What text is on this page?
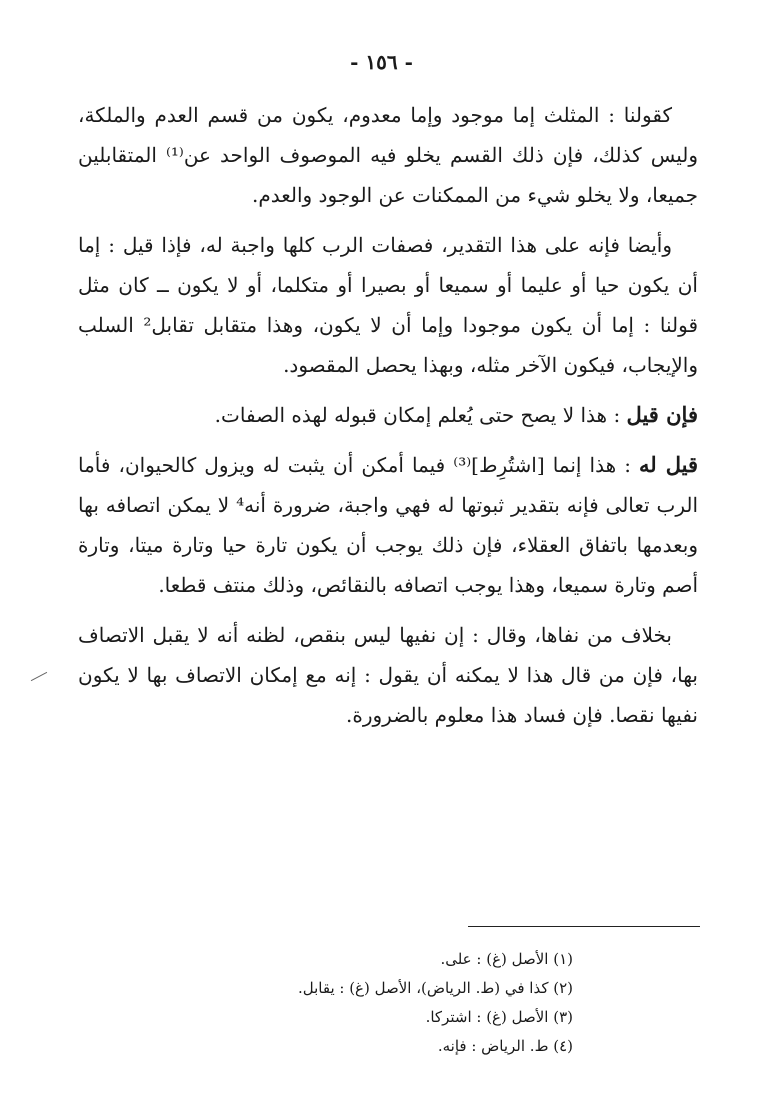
- ١٥٦ -

كقولنا : المثلث إما موجود وإما معدوم، يكون من قسم العدم والملكة، وليس كذلك، فإن ذلك القسم يخلو فيه الموصوف الواحد عن⁽¹⁾ المتقابلين جميعا، ولا يخلو شيء من الممكنات عن الوجود والعدم.

وأيضا فإنه على هذا التقدير، فصفات الرب كلها واجبة له، فإذا قيل : إما أن يكون حيا أو عليما أو سميعا أو بصيرا أو متكلما، أو لا يكون ــ كان مثل قولنا : إما أن يكون موجودا وإما أن لا يكون، وهذا متقابل تقابل² السلب والإيجاب، فيكون الآخر مثله، وبهذا يحصل المقصود.

فإن قيل : هذا لا يصح حتى يُعلم إمكان قبوله لهذه الصفات.

قيل له : هذا إنما [اشتُرِط]⁽³⁾ فيما أمكن أن يثبت له ويزول كالحيوان، فأما الرب تعالى فإنه بتقدير ثبوتها له فهي واجبة، ضرورة أنه⁴ لا يمكن اتصافه بها وبعدمها باتفاق العقلاء، فإن ذلك يوجب أن يكون تارة حيا وتارة ميتا، وتارة أصم وتارة سميعا، وهذا يوجب اتصافه بالنقائص، وذلك منتف قطعا.

بخلاف من نفاها، وقال : إن نفيها ليس بنقص، لظنه أنه لا يقبل الاتصاف بها، فإن من قال هذا لا يمكنه أن يقول : إنه مع إمكان الاتصاف بها لا يكون نفيها نقصا. فإن فساد هذا معلوم بالضرورة.

(١) الأصل (غ) : على.
(٢) كذا في (ط. الرياض)، الأصل (غ) : يقابل.
(٣) الأصل (غ) : اشتركا.
(٤) ط. الرياض : فإنه.
